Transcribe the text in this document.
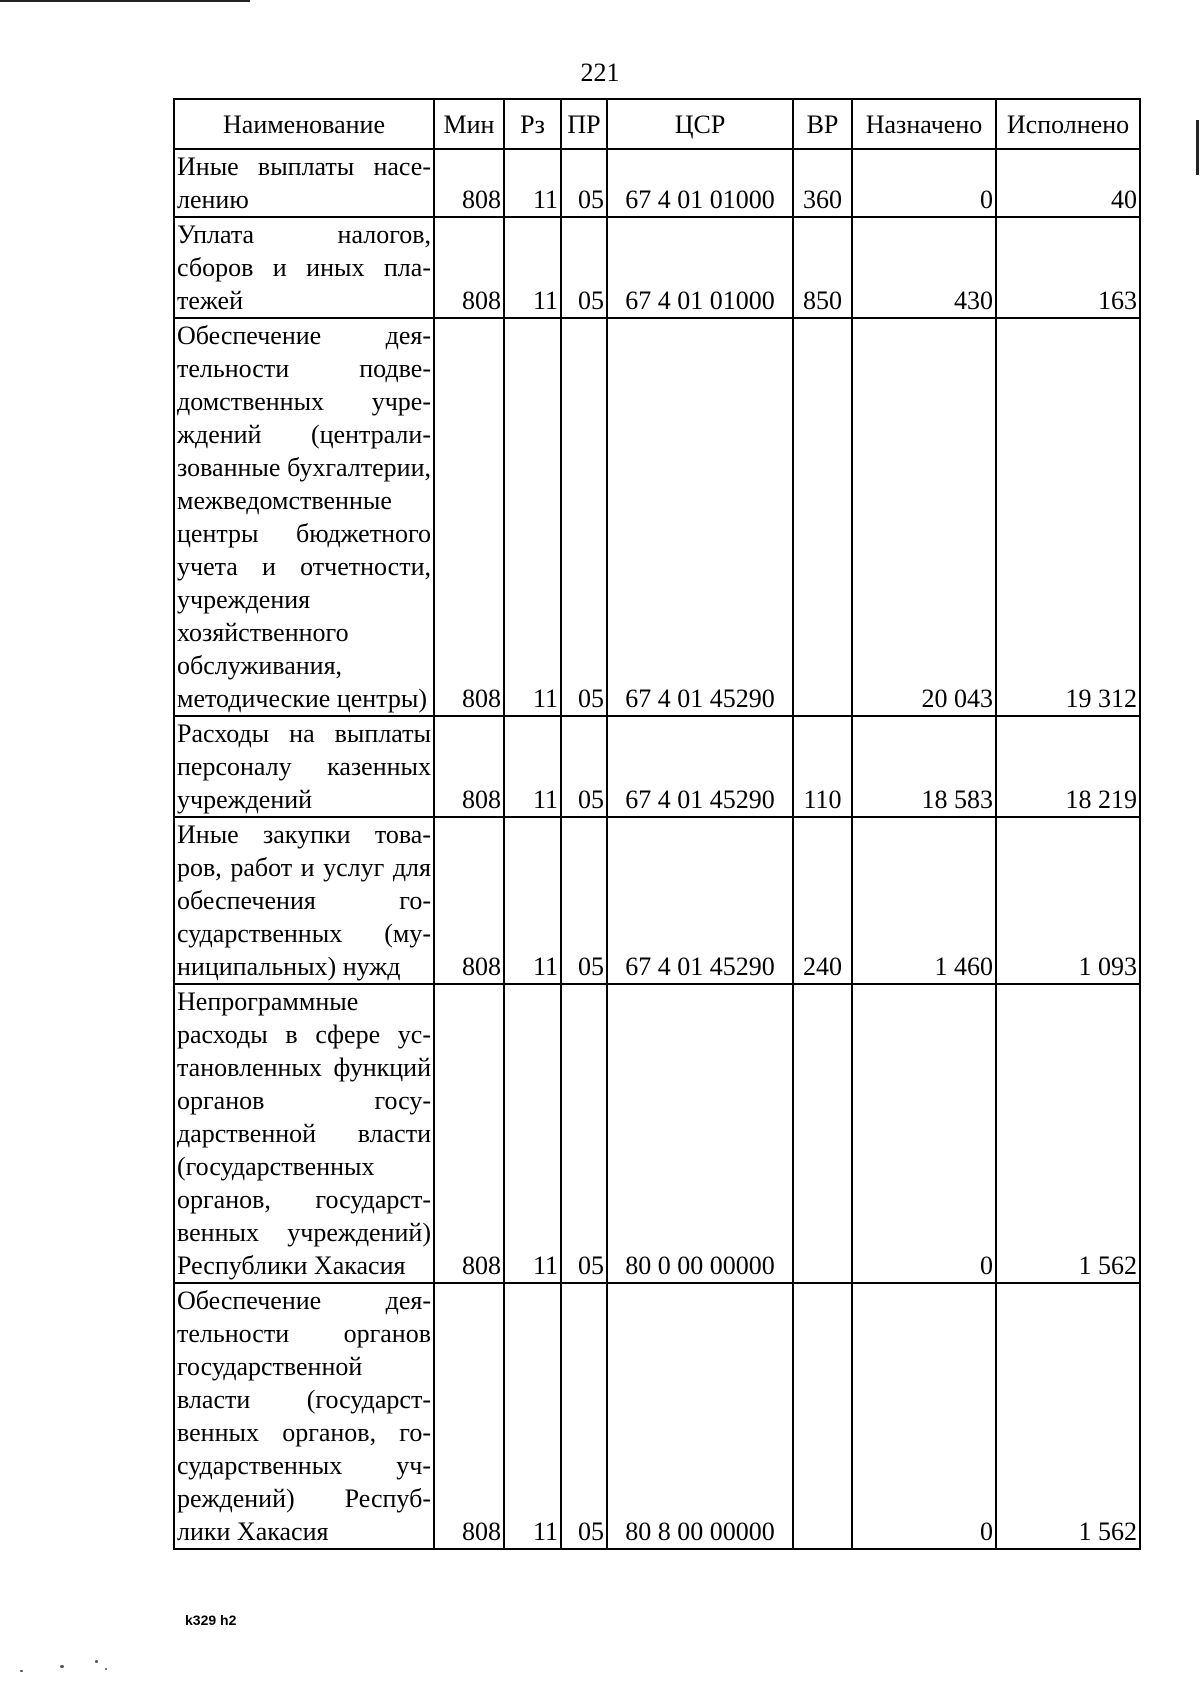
221
Наименование	Мин	Рз	ПР	ЦСР	ВР	Назначено	Исполнено
Иные выплаты населению	808	11	05	67 4 01 01000	360	0	40
Уплата налогов, сборов и иных платежей	808	11	05	67 4 01 01000	850	430	163
Обеспечение деятельности подведомственных учреждений (централизованные бухгалтерии, межведомственные центры бюджетного учета и отчетности, учреждения хозяйственного обслуживания, методические центры)	808	11	05	67 4 01 45290		20 043	19 312
Расходы на выплаты персоналу казенных учреждений	808	11	05	67 4 01 45290	110	18 583	18 219
Иные закупки товаров, работ и услуг для обеспечения государственных (муниципальных) нужд	808	11	05	67 4 01 45290	240	1 460	1 093
Непрограммные расходы в сфере установленных функций органов государственной власти (государственных органов, государственных учреждений) Республики Хакасия	808	11	05	80 0 00 00000		0	1 562
Обеспечение деятельности органов государственной власти (государственных органов, государственных учреждений) Республики Хакасия	808	11	05	80 8 00 00000		0	1 562
k329 h2
